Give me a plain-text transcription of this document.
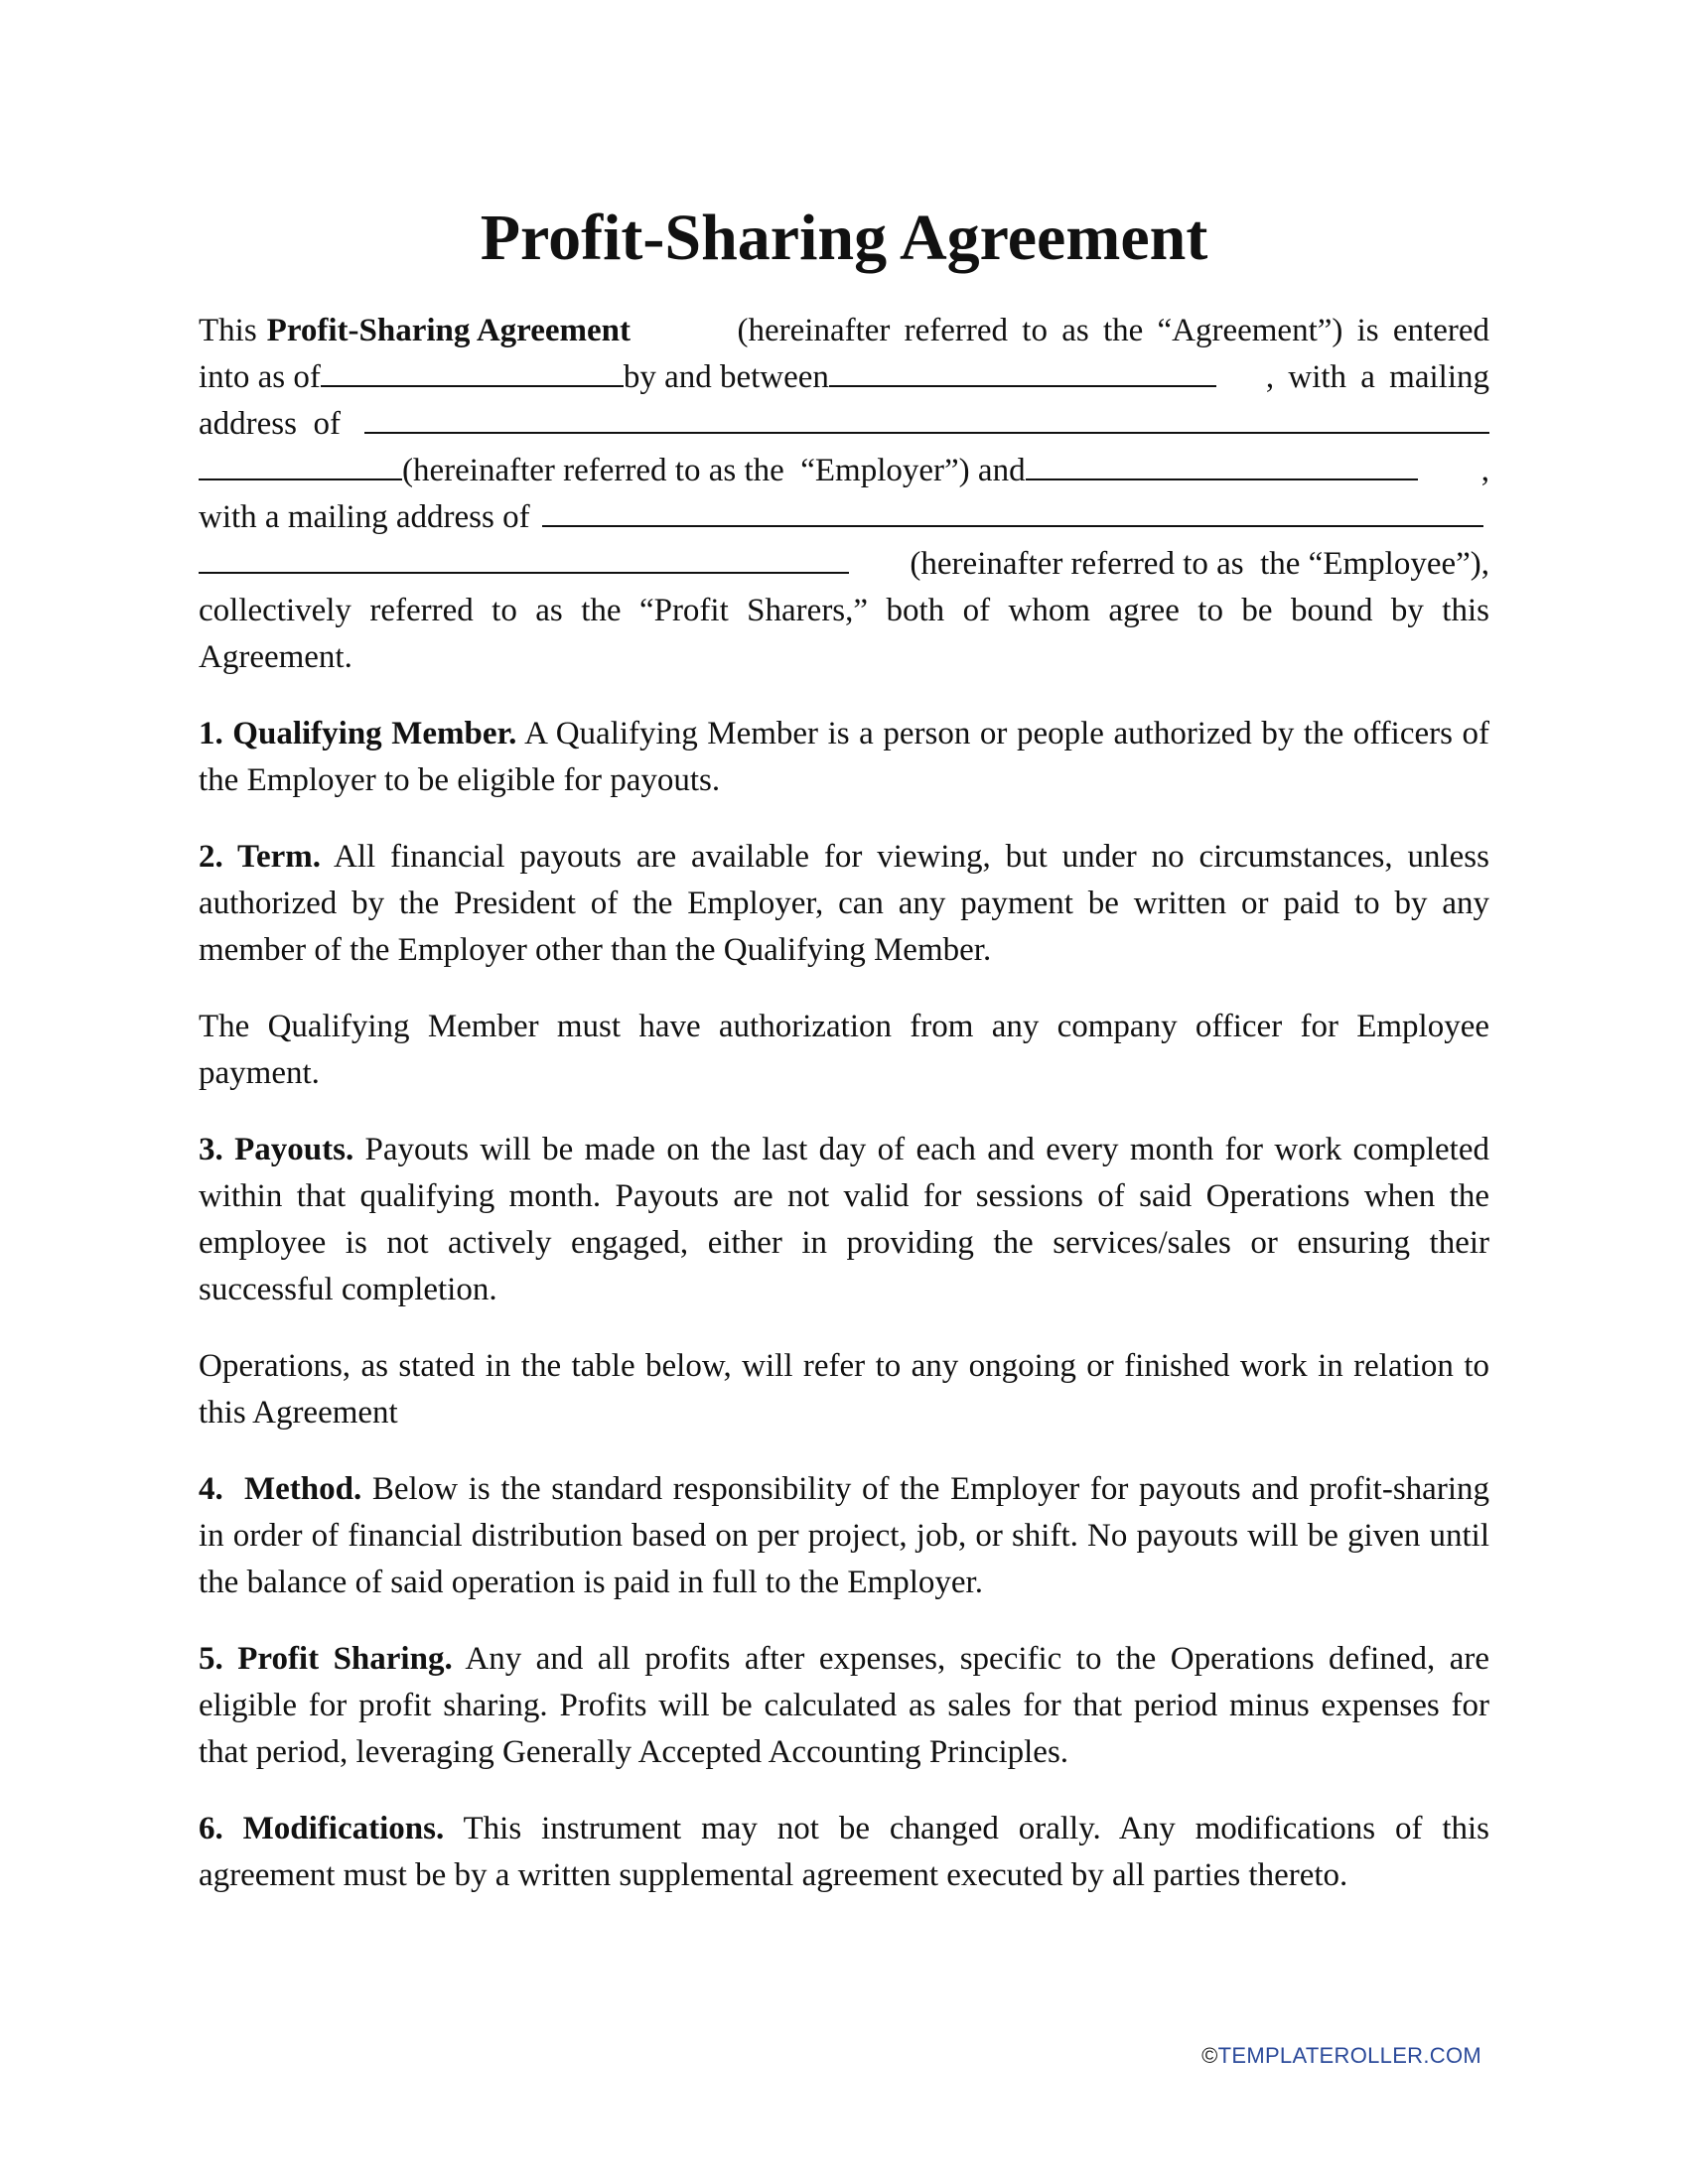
Profit-Sharing Agreement
This Profit-Sharing Agreement	(hereinafter referred to as the “Agreement”) is entered
into as of	by and between	, with a mailing
address  of
(hereinafter referred to as the  “Employer”) and	,
with a mailing address of
(hereinafter referred to as  the “Employee”),

collectively referred to as the “Profit Sharers,” both of whom agree to be bound by this Agreement.

1. Qualifying Member. A Qualifying Member is a person or people authorized by the officers of the Employer to be eligible for payouts.

2. Term. All financial payouts are available for viewing, but under no circumstances, unless authorized by the President of the Employer, can any payment be written or paid to by any member of the Employer other than the Qualifying Member.

The Qualifying Member must have authorization from any company officer for Employee payment.

3. Payouts. Payouts will be made on the last day of each and every month for work completed within that qualifying month. Payouts are not valid for sessions of said Operations when the employee is not actively engaged, either in providing the services/sales or ensuring their successful completion.

Operations, as stated in the table below, will refer to any ongoing or finished work in relation to this Agreement

4.  Method. Below is the standard responsibility of the Employer for payouts and profit-sharing in order of financial distribution based on per project, job, or shift. No payouts will be given until the balance of said operation is paid in full to the Employer.

5. Profit Sharing. Any and all profits after expenses, specific to the Operations defined, are eligible for profit sharing. Profits will be calculated as sales for that period minus expenses for that period, leveraging Generally Accepted Accounting Principles.

6. Modifications. This instrument may not be changed orally. Any modifications of this agreement must be by a written supplemental agreement executed by all parties thereto.

©TEMPLATEROLLER.COM
